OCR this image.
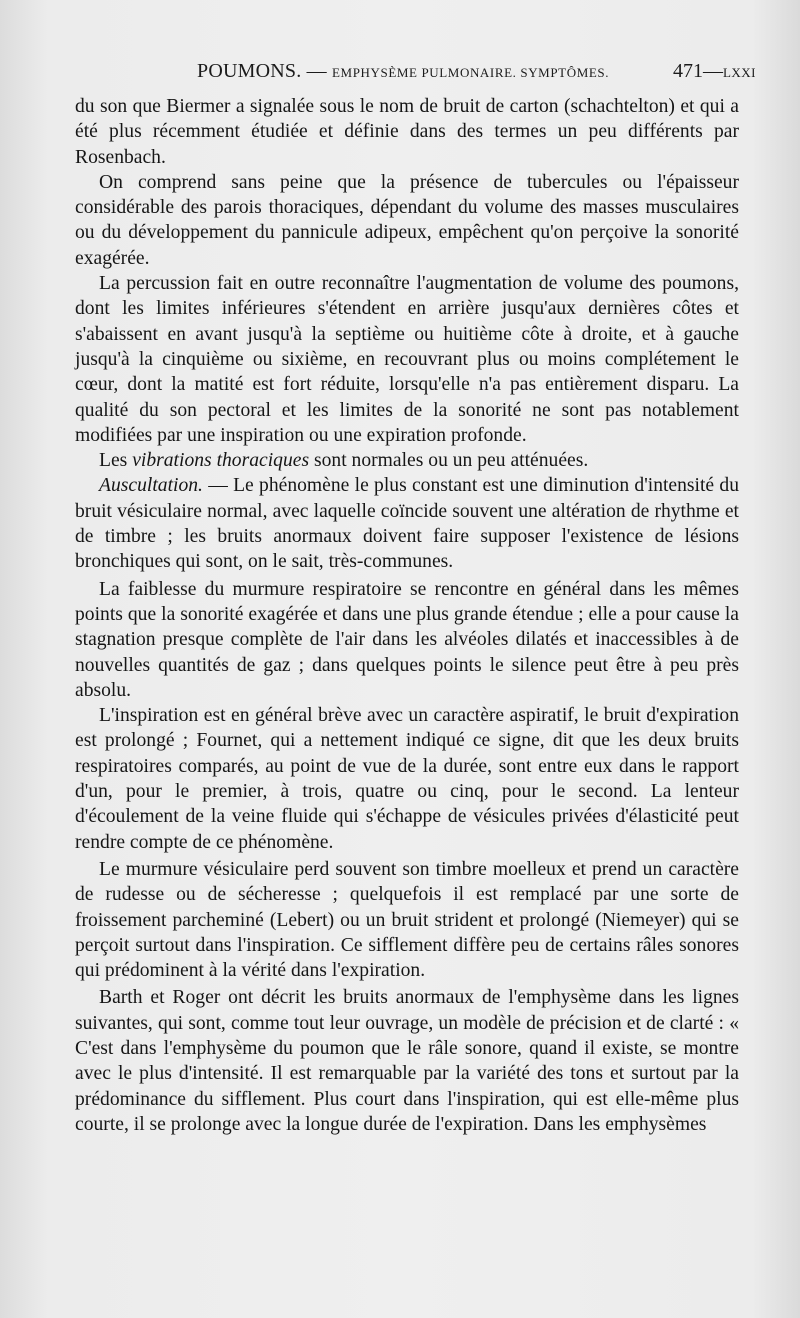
POUMONS. — EMPHYSÈME PULMONAIRE. SYMPTÔMES.	471—LXXI

du son que Biermer a signalée sous le nom de bruit de carton (schachtelton) et qui a été plus récemment étudiée et définie dans des termes un peu différents par Rosenbach.

On comprend sans peine que la présence de tubercules ou l'épaisseur considérable des parois thoraciques, dépendant du volume des masses musculaires ou du développement du pannicule adipeux, empêchent qu'on perçoive la sonorité exagérée.

La percussion fait en outre reconnaître l'augmentation de volume des poumons, dont les limites inférieures s'étendent en arrière jusqu'aux dernières côtes et s'abaissent en avant jusqu'à la septième ou huitième côte à droite, et à gauche jusqu'à la cinquième ou sixième, en recouvrant plus ou moins complétement le cœur, dont la matité est fort réduite, lorsqu'elle n'a pas entièrement disparu. La qualité du son pectoral et les limites de la sonorité ne sont pas notablement modifiées par une inspiration ou une expiration profonde.

Les vibrations thoraciques sont normales ou un peu atténuées.

Auscultation. — Le phénomène le plus constant est une diminution d'intensité du bruit vésiculaire normal, avec laquelle coïncide souvent une altération de rhythme et de timbre ; les bruits anormaux doivent faire supposer l'existence de lésions bronchiques qui sont, on le sait, très-communes.

La faiblesse du murmure respiratoire se rencontre en général dans les mêmes points que la sonorité exagérée et dans une plus grande étendue ; elle a pour cause la stagnation presque complète de l'air dans les alvéoles dilatés et inaccessibles à de nouvelles quantités de gaz ; dans quelques points le silence peut être à peu près absolu.

L'inspiration est en général brève avec un caractère aspiratif, le bruit d'expiration est prolongé ; Fournet, qui a nettement indiqué ce signe, dit que les deux bruits respiratoires comparés, au point de vue de la durée, sont entre eux dans le rapport d'un, pour le premier, à trois, quatre ou cinq, pour le second. La lenteur d'écoulement de la veine fluide qui s'échappe de vésicules privées d'élasticité peut rendre compte de ce phénomène.

Le murmure vésiculaire perd souvent son timbre moelleux et prend un caractère de rudesse ou de sécheresse ; quelquefois il est remplacé par une sorte de froissement parcheminé (Lebert) ou un bruit strident et prolongé (Niemeyer) qui se perçoit surtout dans l'inspiration. Ce sifflement diffère peu de certains râles sonores qui prédominent à la vérité dans l'expiration.

Barth et Roger ont décrit les bruits anormaux de l'emphysème dans les lignes suivantes, qui sont, comme tout leur ouvrage, un modèle de précision et de clarté : « C'est dans l'emphysème du poumon que le râle sonore, quand il existe, se montre avec le plus d'intensité. Il est remarquable par la variété des tons et surtout par la prédominance du sifflement. Plus court dans l'inspiration, qui est elle-même plus courte, il se prolonge avec la longue durée de l'expiration. Dans les emphysèmes
